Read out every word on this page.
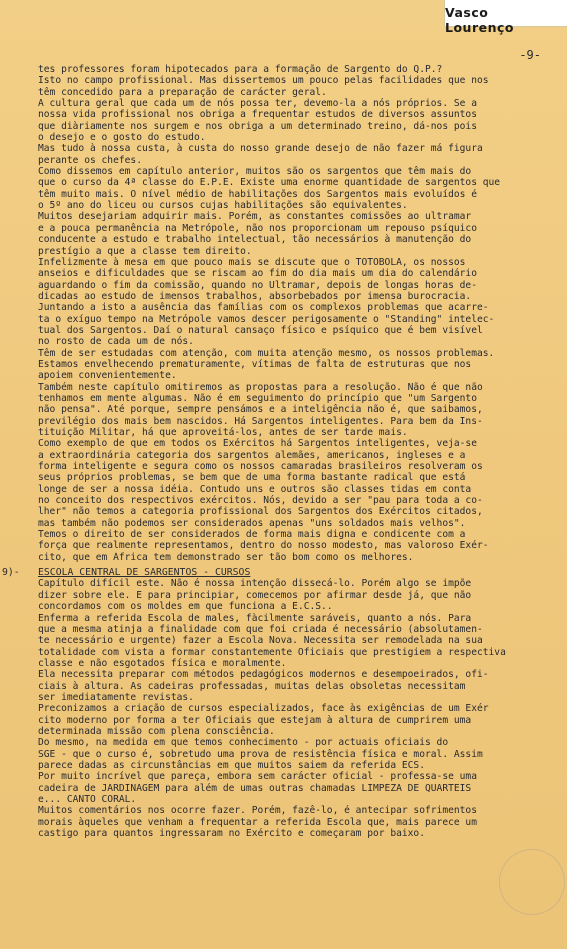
Vasco Lourenço
-9-
tes professores foram hipotecados para a formação de Sargento do Q.P.?
Isto no campo profissional. Mas dissertemos um pouco pelas facilidades que nos
têm concedido para a preparação de carácter geral.
A cultura geral que cada um de nós possa ter, devemo-la a nós próprios. Se a
nossa vida profissional nos obriga a frequentar estudos de diversos assuntos
que diàriamente nos surgem e nos obriga a um determinado treino, dá-nos pois
o desejo e o gosto do estudo.
Mas tudo à nossa custa, à custa do nosso grande desejo de não fazer má figura
perante os chefes.
Como dissemos em capítulo anterior, muitos são os sargentos que têm mais do
que o curso da 4ª classe do E.P.E. Existe uma enorme quantidade de sargentos que
têm muito mais. O nível médio de habilitações dos Sargentos mais evoluídos é
o 5º ano do liceu ou cursos cujas habilitações são equivalentes.
Muitos desejariam adquirir mais. Porém, as constantes comissões ao ultramar
e a pouca permanência na Metrópole, não nos proporcionam um repouso psíquico
conducente a estudo e trabalho intelectual, tão necessários à manutenção do
prestígio a que a classe tem direito.
Infelizmente à mesa em que pouco mais se discute que o TOTOBOLA, os nossos
anseios e dificuldades que se riscam ao fim do dia mais um dia do calendário
aguardando o fim da comissão, quando no Ultramar, depois de longas horas de-
dicadas ao estudo de imensos trabalhos, absorbebados por imensa burocracia.
Juntando a isto a ausência das famílias com os complexos problemas que acarre-
ta o exíguo tempo na Metrópole vamos descer perigosamente o "Standing" intelec-
tual dos Sargentos. Daí o natural cansaço físico e psíquico que é bem visível
no rosto de cada um de nós.
Têm de ser estudadas com atenção, com muita atenção mesmo, os nossos problemas.
Estamos envelhecendo prematuramente, vítimas de falta de estruturas que nos
apoiem convenientemente.
Também neste capítulo omitiremos as propostas para a resolução. Não é que não
tenhamos em mente algumas. Não é em seguimento do princípio que "um Sargento
não pensa". Até porque, sempre pensámos e a inteligência não é, que saibamos,
previlégio dos mais bem nascidos. Há Sargentos inteligentes. Para bem da Ins-
tituição Militar, há que aproveitá-los, antes de ser tarde mais.
Como exemplo de que em todos os Exércitos há Sargentos inteligentes, veja-se
a extraordinária categoria dos sargentos alemães, americanos, ingleses e a
forma inteligente e segura como os nossos camaradas brasileiros resolveram os
seus próprios problemas, se bem que de uma forma bastante radical que está
longe de ser a nossa idéia. Contudo uns e outros são classes tidas em conta
no conceito dos respectivos exércitos. Nós, devido a ser "pau para toda a co-
lher" não temos a categoria profissional dos Sargentos dos Exércitos citados,
mas também não podemos ser considerados apenas "uns soldados mais velhos".
Temos o direito de ser considerados de forma mais digna e condicente com a
força que realmente representamos, dentro do nosso modesto, mas valoroso Exér-
cito, que em África tem demonstrado ser tão bom como os melhores.
9)- ESCOLA CENTRAL DE SARGENTOS - CURSOS
Capítulo difícil este. Não é nossa intenção dissecá-lo. Porém algo se impõe
dizer sobre ele. E para principiar, comecemos por afirmar desde já, que não
concordamos com os moldes em que funciona a E.C.S..
Enferma a referida Escola de males, fàcilmente saráveis, quanto a nós. Para
que a mesma atinja a finalidade com que foi criada é necessário (absolutamen-
te necessário e urgente) fazer a Escola Nova. Necessita ser remodelada na sua
totalidade com vista a formar constantemente Oficiais que prestigiem a respectiva
classe e não esgotados física e moralmente.
Ela necessita preparar com métodos pedagógicos modernos e desempoeirados, ofi-
ciais à altura. As cadeiras professadas, muitas delas obsoletas necessitam
ser imediatamente revistas.
Preconizamos a criação de cursos especializados, face às exigências de um Exér
cito moderno por forma a ter Oficiais que estejam à altura de cumprirem uma
determinada missão com plena consciência.
Do mesmo, na medida em que temos conhecimento - por actuais oficiais do
SGE - que o curso é, sobretudo uma prova de resistência física e moral. Assim
parece dadas as circunstâncias em que muitos saiem da referida ECS.
Por muito incrível que pareça, embora sem carácter oficial - professa-se uma
cadeira de JARDINAGEM para além de umas outras chamadas LIMPEZA DE QUARTEIS
e... CANTO CORAL.
Muitos comentários nos ocorre fazer. Porém, fazê-lo, é antecipar sofrimentos
morais àqueles que venham a frequentar a referida Escola que, mais parece um
castigo para quantos ingressaram no Exército e começaram por baixo.
